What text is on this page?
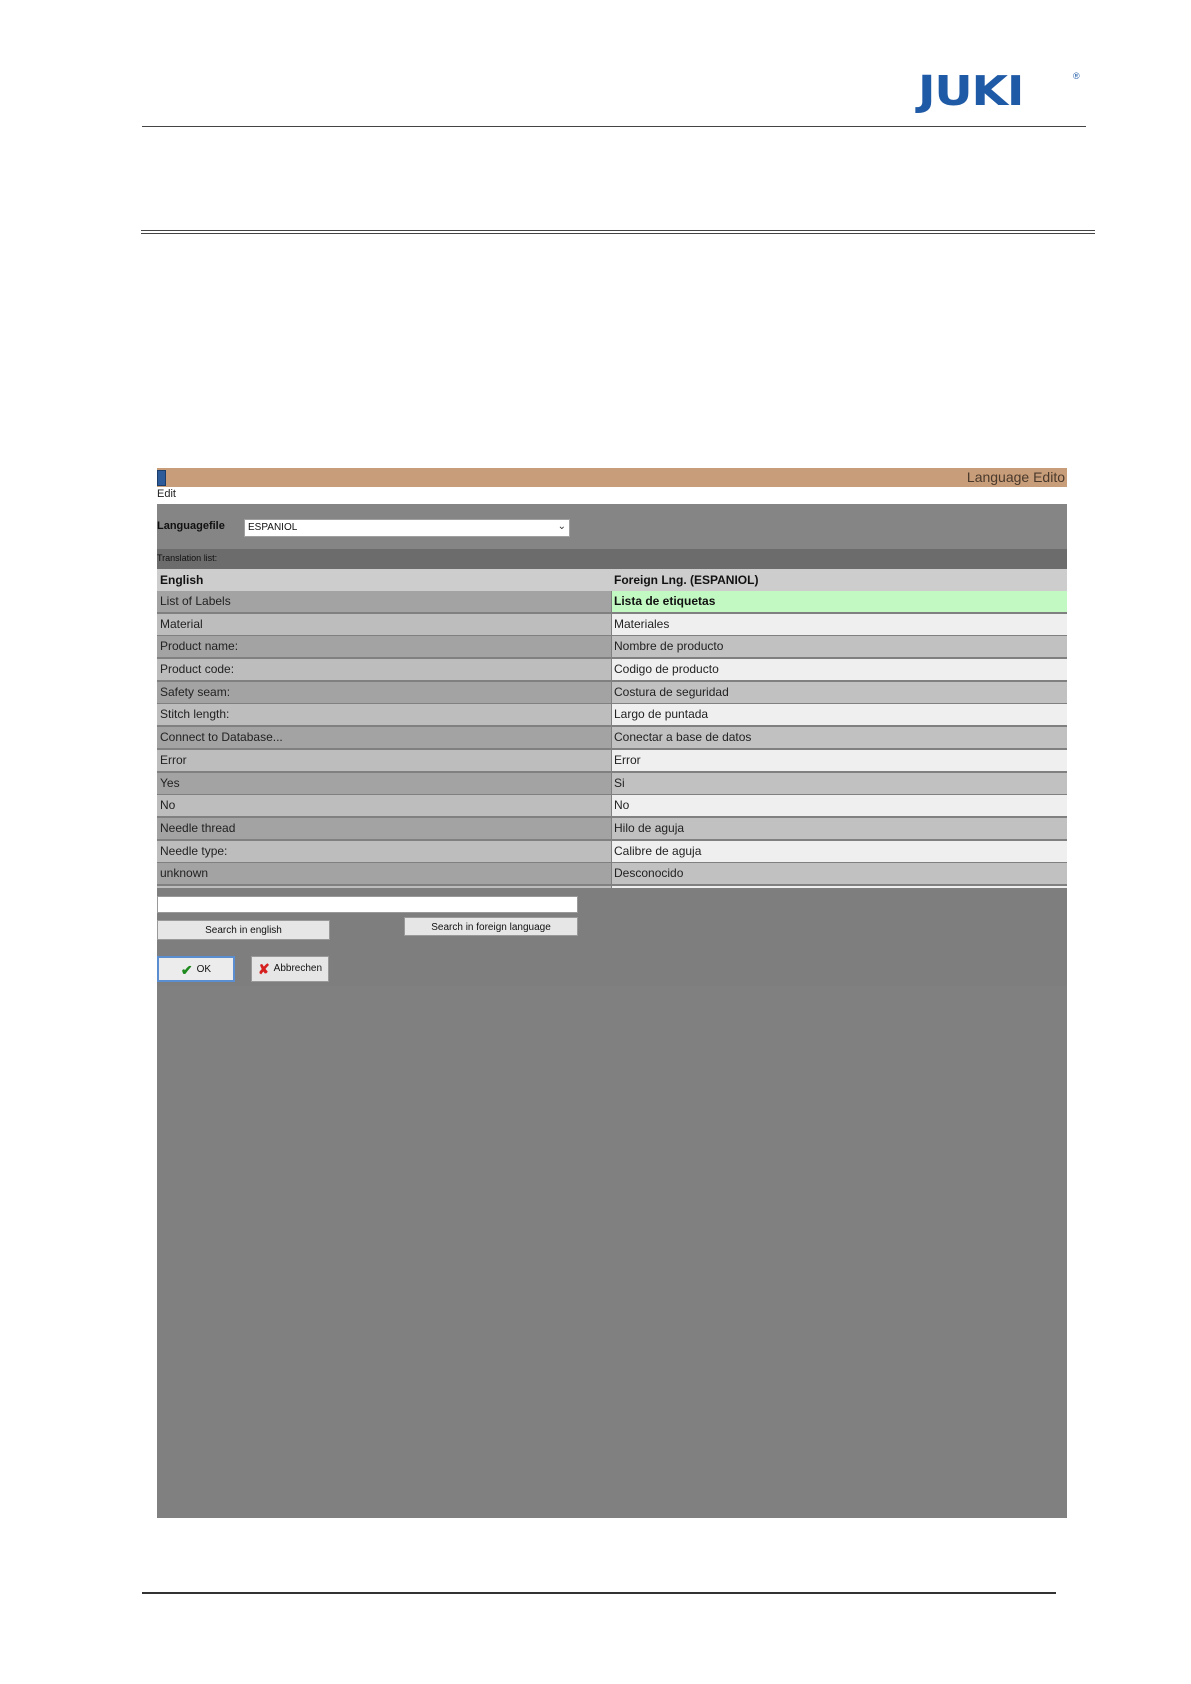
JUKI	®
Language Edito
Edit
Languagefile ESPANIOL	⌄
Translation list:
English	Foreign Lng. (ESPANIOL)
List of Labels	Lista de etiquetas
Material	Materiales
Product name:	Nombre de producto
Product code:	Codigo de producto
Safety seam:	Costura de seguridad
Stitch length:	Largo de puntada
Connect to Database...	Conectar a base de datos
Error	Error
Yes	Si
No	No
Needle thread	Hilo de aguja
Needle type:	Calibre de aguja
unknown	Desconocido
Search in english	Search in foreign language
✔ OK	✘ Abbrechen
